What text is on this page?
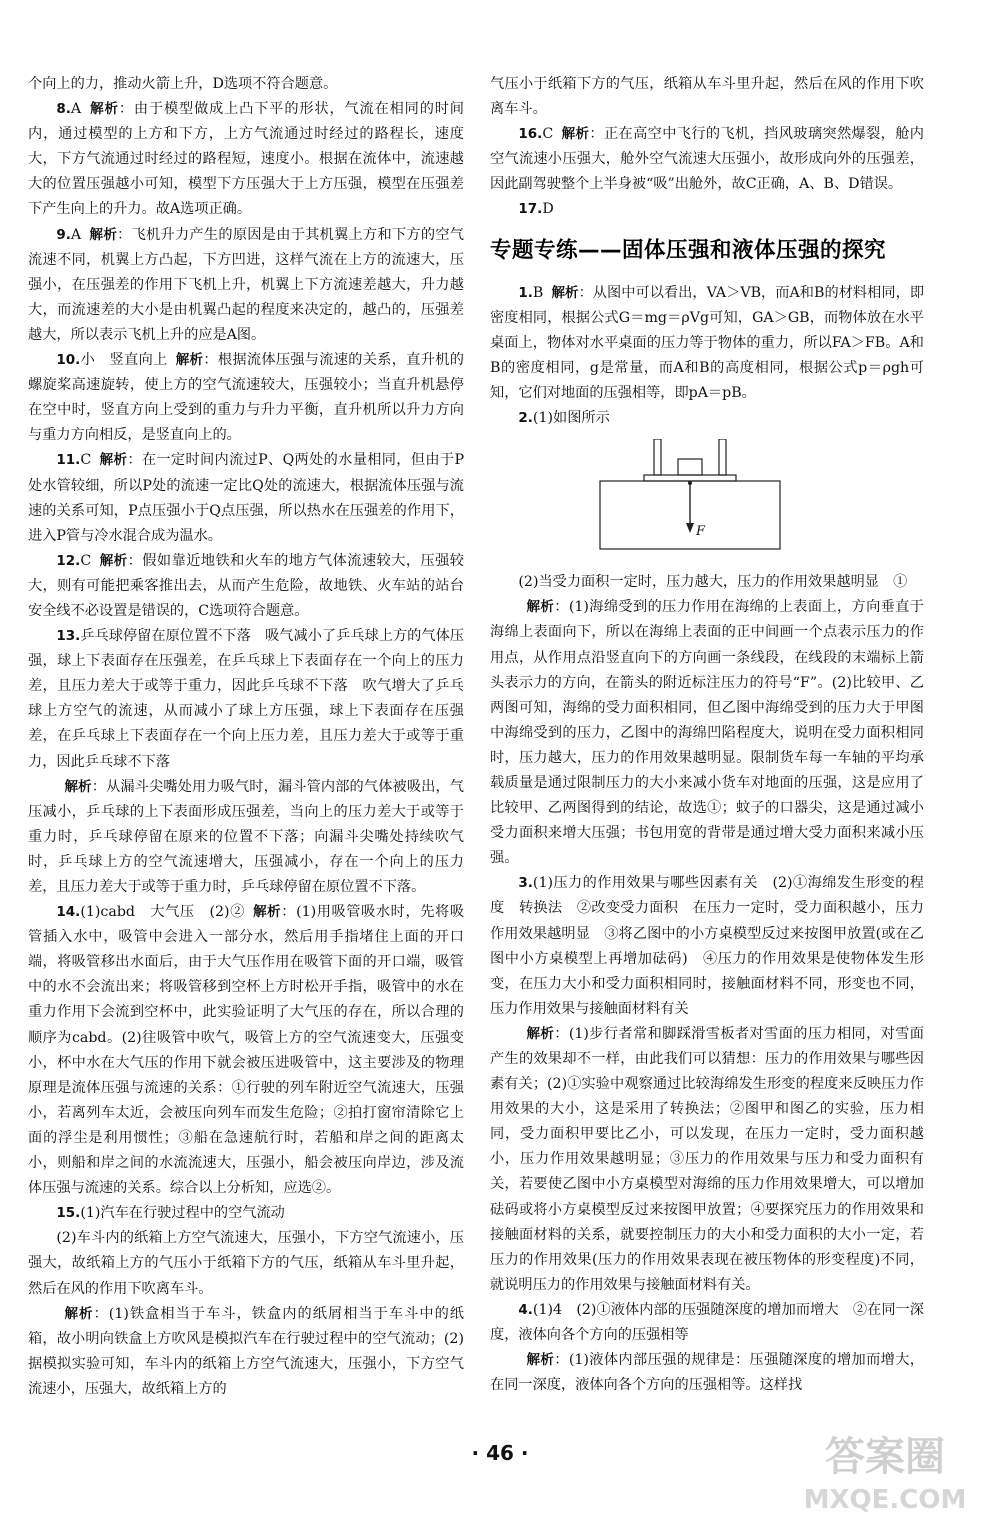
个向上的力，推动火箭上升，D选项不符合题意。

8.A 解析：由于模型做成上凸下平的形状，气流在相同的时间内，通过模型的上方和下方，上方气流通过时经过的路程长，速度大，下方气流通过时经过的路程短，速度小。根据在流体中，流速越大的位置压强越小可知，模型下方压强大于上方压强，模型在压强差下产生向上的升力。故A选项正确。

9.A 解析：飞机升力产生的原因是由于其机翼上方和下方的空气流速不同，机翼上方凸起，下方凹进，这样气流在上方的流速大，压强小，在压强差的作用下飞机上升，机翼上下方流速差越大，升力越大，而流速差的大小是由机翼凸起的程度来决定的，越凸的，压强差越大，所以表示飞机上升的应是A图。

10.小　竖直向上 解析：根据流体压强与流速的关系，直升机的螺旋桨高速旋转，使上方的空气流速较大，压强较小；当直升机悬停在空中时，竖直方向上受到的重力与升力平衡，直升机所以升力方向与重力方向相反，是竖直向上的。

11.C 解析：在一定时间内流过P、Q两处的水量相同，但由于P处水管较细，所以P处的流速一定比Q处的流速大，根据流体压强与流速的关系可知，P点压强小于Q点压强，所以热水在压强差的作用下，进入P管与冷水混合成为温水。

12.C 解析：假如靠近地铁和火车的地方气体流速较大，压强较大，则有可能把乘客推出去，从而产生危险，故地铁、火车站的站台安全线不必设置是错误的，C选项符合题意。

13.乒乓球停留在原位置不下落　吸气减小了乒乓球上方的气体压强，球上下表面存在压强差，在乒乓球上下表面存在一个向上的压力差，且压力差大于或等于重力，因此乒乓球不下落　吹气增大了乒乓球上方空气的流速，从而减小了球上方压强，球上下表面存在压强差，在乒乓球上下表面存在一个向上压力差，且压力差大于或等于重力，因此乒乓球不下落

解析：从漏斗尖嘴处用力吸气时，漏斗管内部的气体被吸出，气压减小，乒乓球的上下表面形成压强差，当向上的压力差大于或等于重力时，乒乓球停留在原来的位置不下落；向漏斗尖嘴处持续吹气时，乒乓球上方的空气流速增大，压强减小，存在一个向上的压力差，且压力差大于或等于重力时，乒乓球停留在原位置不下落。

14.(1)cabd　大气压　(2)② 解析：(1)用吸管吸水时，先将吸管插入水中，吸管中会进入一部分水，然后用手指堵住上面的开口端，将吸管移出水面后，由于大气压作用在吸管下面的开口端，吸管中的水不会流出来；将吸管移到空杯上方时松开手指，吸管中的水在重力作用下会流到空杯中，此实验证明了大气压的存在，所以合理的顺序为cabd。(2)往吸管中吹气，吸管上方的空气流速变大，压强变小，杯中水在大气压的作用下就会被压进吸管中，这主要涉及的物理原理是流体压强与流速的关系：①行驶的列车附近空气流速大，压强小，若离列车太近，会被压向列车而发生危险；②拍打窗帘清除它上面的浮尘是利用惯性；③船在急速航行时，若船和岸之间的距离太小，则船和岸之间的水流流速大，压强小，船会被压向岸边，涉及流体压强与流速的关系。综合以上分析知，应选②。

15.(1)汽车在行驶过程中的空气流动

(2)车斗内的纸箱上方空气流速大，压强小，下方空气流速小，压强大，故纸箱上方的气压小于纸箱下方的气压，纸箱从车斗里升起，然后在风的作用下吹离车斗。

解析：(1)铁盒相当于车斗，铁盒内的纸屑相当于车斗中的纸箱，故小明向铁盒上方吹风是模拟汽车在行驶过程中的空气流动；(2)据模拟实验可知，车斗内的纸箱上方空气流速大，压强小，下方空气流速小，压强大，故纸箱上方的

气压小于纸箱下方的气压，纸箱从车斗里升起，然后在风的作用下吹离车斗。

16.C 解析：正在高空中飞行的飞机，挡风玻璃突然爆裂，舱内空气流速小压强大，舱外空气流速大压强小，故形成向外的压强差，因此副驾驶整个上半身被“吸”出舱外，故C正确，A、B、D错误。

17.D

专题专练——固体压强和液体压强的探究

1.B 解析：从图中可以看出，VA＞VB，而A和B的材料相同，即密度相同，根据公式G＝mg＝ρVg可知，GA＞GB，而物体放在水平桌面上，物体对水平桌面的压力等于物体的重力，所以FA＞FB。A和B的密度相同，g是常量，而A和B的高度相同，根据公式p＝ρgh可知，它们对地面的压强相等，即pA＝pB。

2.(1)如图所示

F

(2)当受力面积一定时，压力越大，压力的作用效果越明显　①

解析：(1)海绵受到的压力作用在海绵的上表面上，方向垂直于海绵上表面向下，所以在海绵上表面的正中间画一个点表示压力的作用点，从作用点沿竖直向下的方向画一条线段，在线段的末端标上箭头表示力的方向，在箭头的附近标注压力的符号“F”。(2)比较甲、乙两图可知，海绵的受力面积相同，但乙图中海绵受到的压力大于甲图中海绵受到的压力，乙图中的海绵凹陷程度大，说明在受力面积相同时，压力越大，压力的作用效果越明显。限制货车每一车轴的平均承载质量是通过限制压力的大小来减小货车对地面的压强，这是应用了比较甲、乙两图得到的结论，故选①；蚊子的口器尖，这是通过减小受力面积来增大压强；书包用宽的背带是通过增大受力面积来减小压强。

3.(1)压力的作用效果与哪些因素有关　(2)①海绵发生形变的程度　转换法　②改变受力面积　在压力一定时，受力面积越小，压力作用效果越明显　③将乙图中的小方桌模型反过来按图甲放置(或在乙图中小方桌模型上再增加砝码)　④压力的作用效果是使物体发生形变，在压力大小和受力面积相同时，接触面材料不同，形变也不同，压力作用效果与接触面材料有关

解析：(1)步行者常和脚踩滑雪板者对雪面的压力相同，对雪面产生的效果却不一样，由此我们可以猜想：压力的作用效果与哪些因素有关；(2)①实验中观察通过比较海绵发生形变的程度来反映压力作用效果的大小，这是采用了转换法；②图甲和图乙的实验，压力相同，受力面积甲要比乙小，可以发现，在压力一定时，受力面积越小，压力作用效果越明显；③压力的作用效果与压力和受力面积有关，若要使乙图中小方桌模型对海绵的压力作用效果增大，可以增加砝码或将小方桌模型反过来按图甲放置；④要探究压力的作用效果和接触面材料的关系，就要控制压力的大小和受力面积的大小一定，若压力的作用效果(压力的作用效果表现在被压物体的形变程度)不同，就说明压力的作用效果与接触面材料有关。

4.(1)4　(2)①液体内部的压强随深度的增加而增大　②在同一深度，液体向各个方向的压强相等

解析：(1)液体内部压强的规律是：压强随深度的增加而增大，在同一深度，液体向各个方向的压强相等。这样找

· 46 ·	答案圈
MXQE.COM
